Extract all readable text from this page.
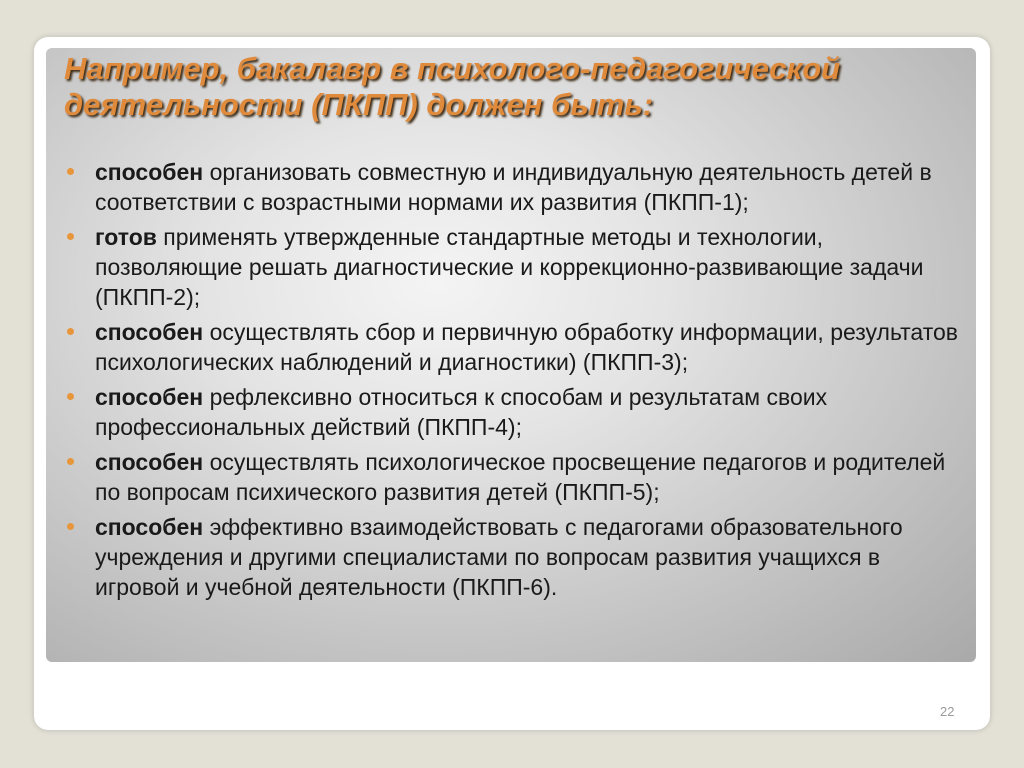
Например, бакалавр в психолого-педагогической
деятельности (ПКПП) должен быть:
способен организовать совместную и индивидуальную деятельность детей в соответствии с возрастными нормами их развития (ПКПП-1);
готов применять утвержденные стандартные методы и технологии, позволяющие решать диагностические и коррекционно-развивающие задачи (ПКПП-2);
способен осуществлять сбор и первичную обработку информации, результатов психологических наблюдений и диагностики) (ПКПП-3);
способен рефлексивно относиться к способам и результатам своих профессиональных действий (ПКПП-4);
способен осуществлять психологическое просвещение педагогов и родителей по вопросам психического развития детей (ПКПП-5);
способен эффективно взаимодействовать с педагогами образовательного учреждения и другими специалистами по вопросам развития учащихся в игровой и учебной деятельности (ПКПП-6).
22
